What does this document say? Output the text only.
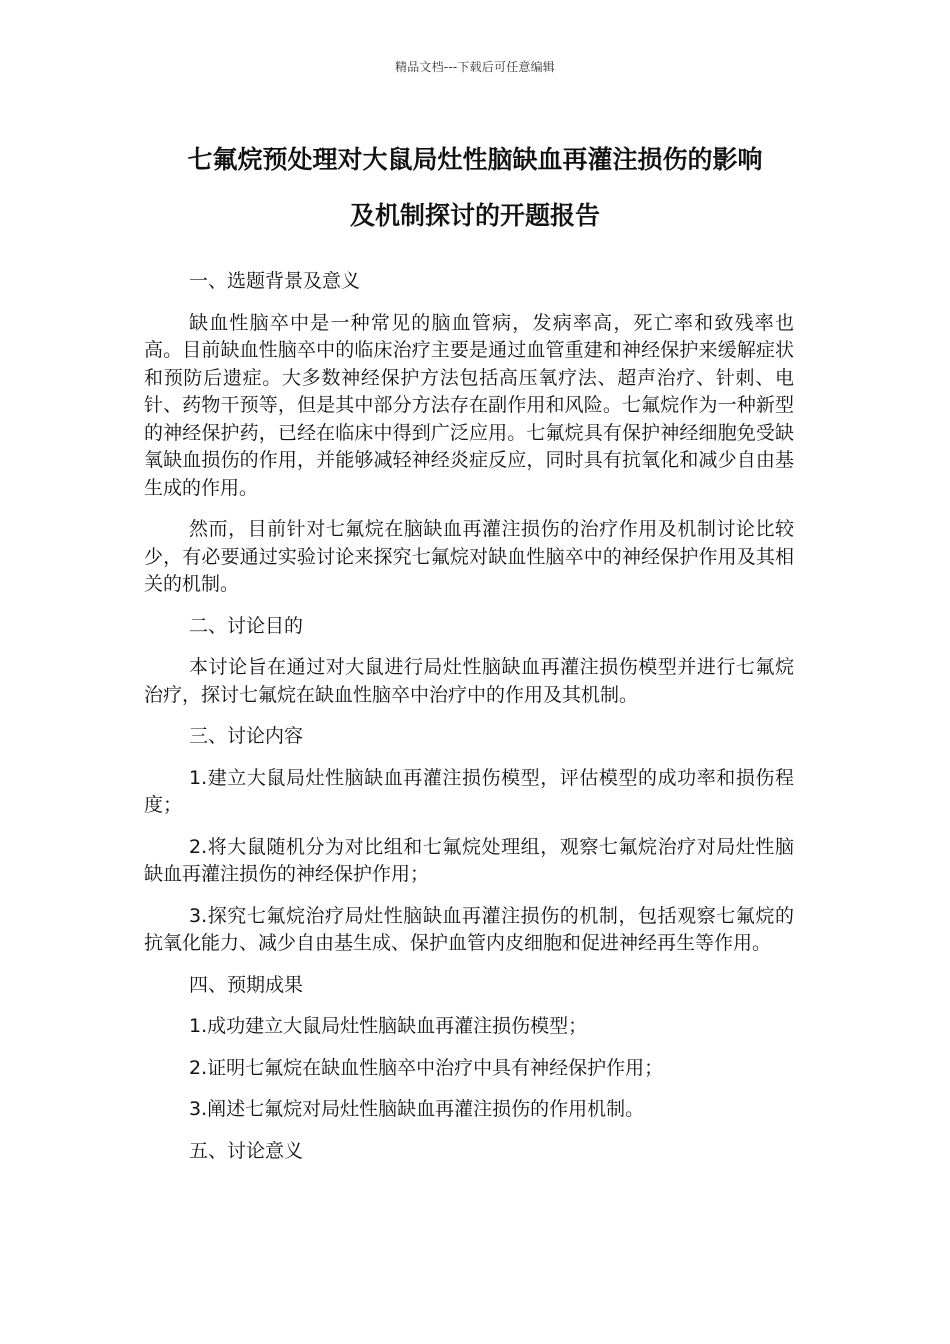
精品文档---下载后可任意编辑
七氟烷预处理对大鼠局灶性脑缺血再灌注损伤的影响
及机制探讨的开题报告

一、选题背景及意义

缺血性脑卒中是一种常见的脑血管病，发病率高，死亡率和致残率也高。目前缺血性脑卒中的临床治疗主要是通过血管重建和神经保护来缓解症状和预防后遗症。大多数神经保护方法包括高压氧疗法、超声治疗、针刺、电针、药物干预等，但是其中部分方法存在副作用和风险。七氟烷作为一种新型的神经保护药，已经在临床中得到广泛应用。七氟烷具有保护神经细胞免受缺氧缺血损伤的作用，并能够减轻神经炎症反应，同时具有抗氧化和减少自由基生成的作用。

然而，目前针对七氟烷在脑缺血再灌注损伤的治疗作用及机制讨论比较少，有必要通过实验讨论来探究七氟烷对缺血性脑卒中的神经保护作用及其相关的机制。

二、讨论目的

本讨论旨在通过对大鼠进行局灶性脑缺血再灌注损伤模型并进行七氟烷治疗，探讨七氟烷在缺血性脑卒中治疗中的作用及其机制。

三、讨论内容

1.建立大鼠局灶性脑缺血再灌注损伤模型，评估模型的成功率和损伤程度；

2.将大鼠随机分为对比组和七氟烷处理组，观察七氟烷治疗对局灶性脑缺血再灌注损伤的神经保护作用；

3.探究七氟烷治疗局灶性脑缺血再灌注损伤的机制，包括观察七氟烷的抗氧化能力、减少自由基生成、保护血管内皮细胞和促进神经再生等作用。

四、预期成果

1.成功建立大鼠局灶性脑缺血再灌注损伤模型；

2.证明七氟烷在缺血性脑卒中治疗中具有神经保护作用；

3.阐述七氟烷对局灶性脑缺血再灌注损伤的作用机制。

五、讨论意义
